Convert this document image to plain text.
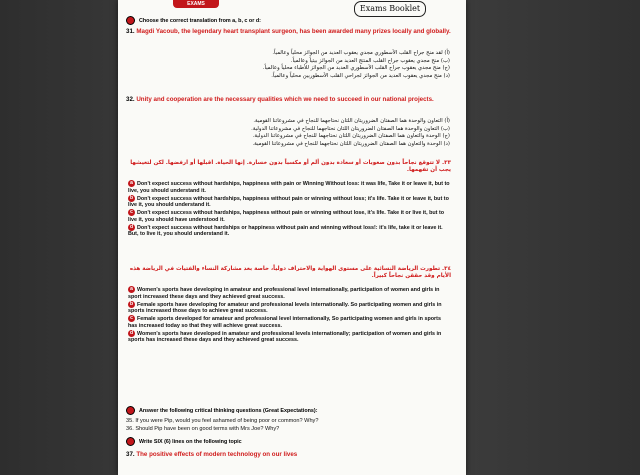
EXAMS	Exams Booklet
Choose the correct translation from a, b, c or d:
31. Magdi Yacoub, the legendary heart transplant surgeon, has been awarded many prizes locally and globally.
(أ) لقد منح جراح القلب الأسطوري مجدي يعقوب العديد من الجوائز محلياً وعالمياً.
(ب) منح مجدي يعقوب جراح القلب المنتج العديد من الجوائز بيتياً وعالمياً.
(ج) منح مجدي يعقوب جراح القلب الأسطوري العديد من الجوائز للأطباء محلياً وعالمياً.
(د) منح مجدي يعقوب العديد من الجوائز لجراحي القلب الأسطوريين محلياً وعالمياً.
32. Unity and cooperation are the necessary qualities which we need to succeed in our national projects.
(أ) التعاون والوحدة هما الصفتان الضروريتان اللتان نحتاجهما للنجاح في مشروعاتنا القومية.
(ب) التعاون والوحدة هما الصفتان الضروريتان اللتان نحتاجهما للنجاح في مشروعاتنا الدولية.
(ج) الوحدة والتعاون هما الصفتان الضروريتان اللتان نحتاجهما للنجاح في مشروعاتنا الدولية.
(د) الوحدة والتعاون هما الصفتان الضروريتان اللتان نحتاجهما للنجاح في مشروعاتنا القومية.
٣٣. لا تتوقع نجاحاً بدون صعوبات أو سعادة بدون ألم أو مكسباً بدون خسارة. إنها الحياة. اقبلها أو ارفضها. لكن لتعيشها يجب أن تفهمها.
a Don't expect success without hardships, happiness with pain or Winning Without loss: it was life, Take it or leave it, but to live, you should understand it.
b Don't expect success without hardships, happiness without pain or winning without loss; it's life. Take it or leave it, but to live it, you should understand it.
c Don't expect success without hardships, happiness without pain or winning without lose, it's life. Take it or live it, but to live it, you should have understood it.
d Don't expect success without hardships or happiness without pain and winning without loss!: it's life, take it or leave it. But, to live it, you should understand it.
٣٤. تطورت الرياضة النسائية على مستوى الهواية والاحتراف دولياً، خاصة بعد مشاركة النساء والفتيات في الرياضة هذه الأيام وقد حققن نجاحاً كبيراً.
a Women's sports have developing in amateur and professional level internationally, participation of women and girls in sport increased these days and they achieved great success.
b Female sports have developing for amateur and professional levels internationally. So participating women and girls in sports increased those days to achieve great success.
c Female sports developed for amateur and professional level internationally, So participating women and girls in sports has increased today so that they will achieve great success.
d Women's sports have developed in amateur and professional levels internationally; participation of women and girls in sports has increased these days and they achieved great success.
Answer the following critical thinking questions (Great Expectations):
35. If you were Pip, would you feel ashamed of being poor or common? Why?
36. Should Pip have been on good terms with Mrs Joe? Why?
Write SIX (6) lines on the following topic
37. The positive effects of modern technology on our lives
